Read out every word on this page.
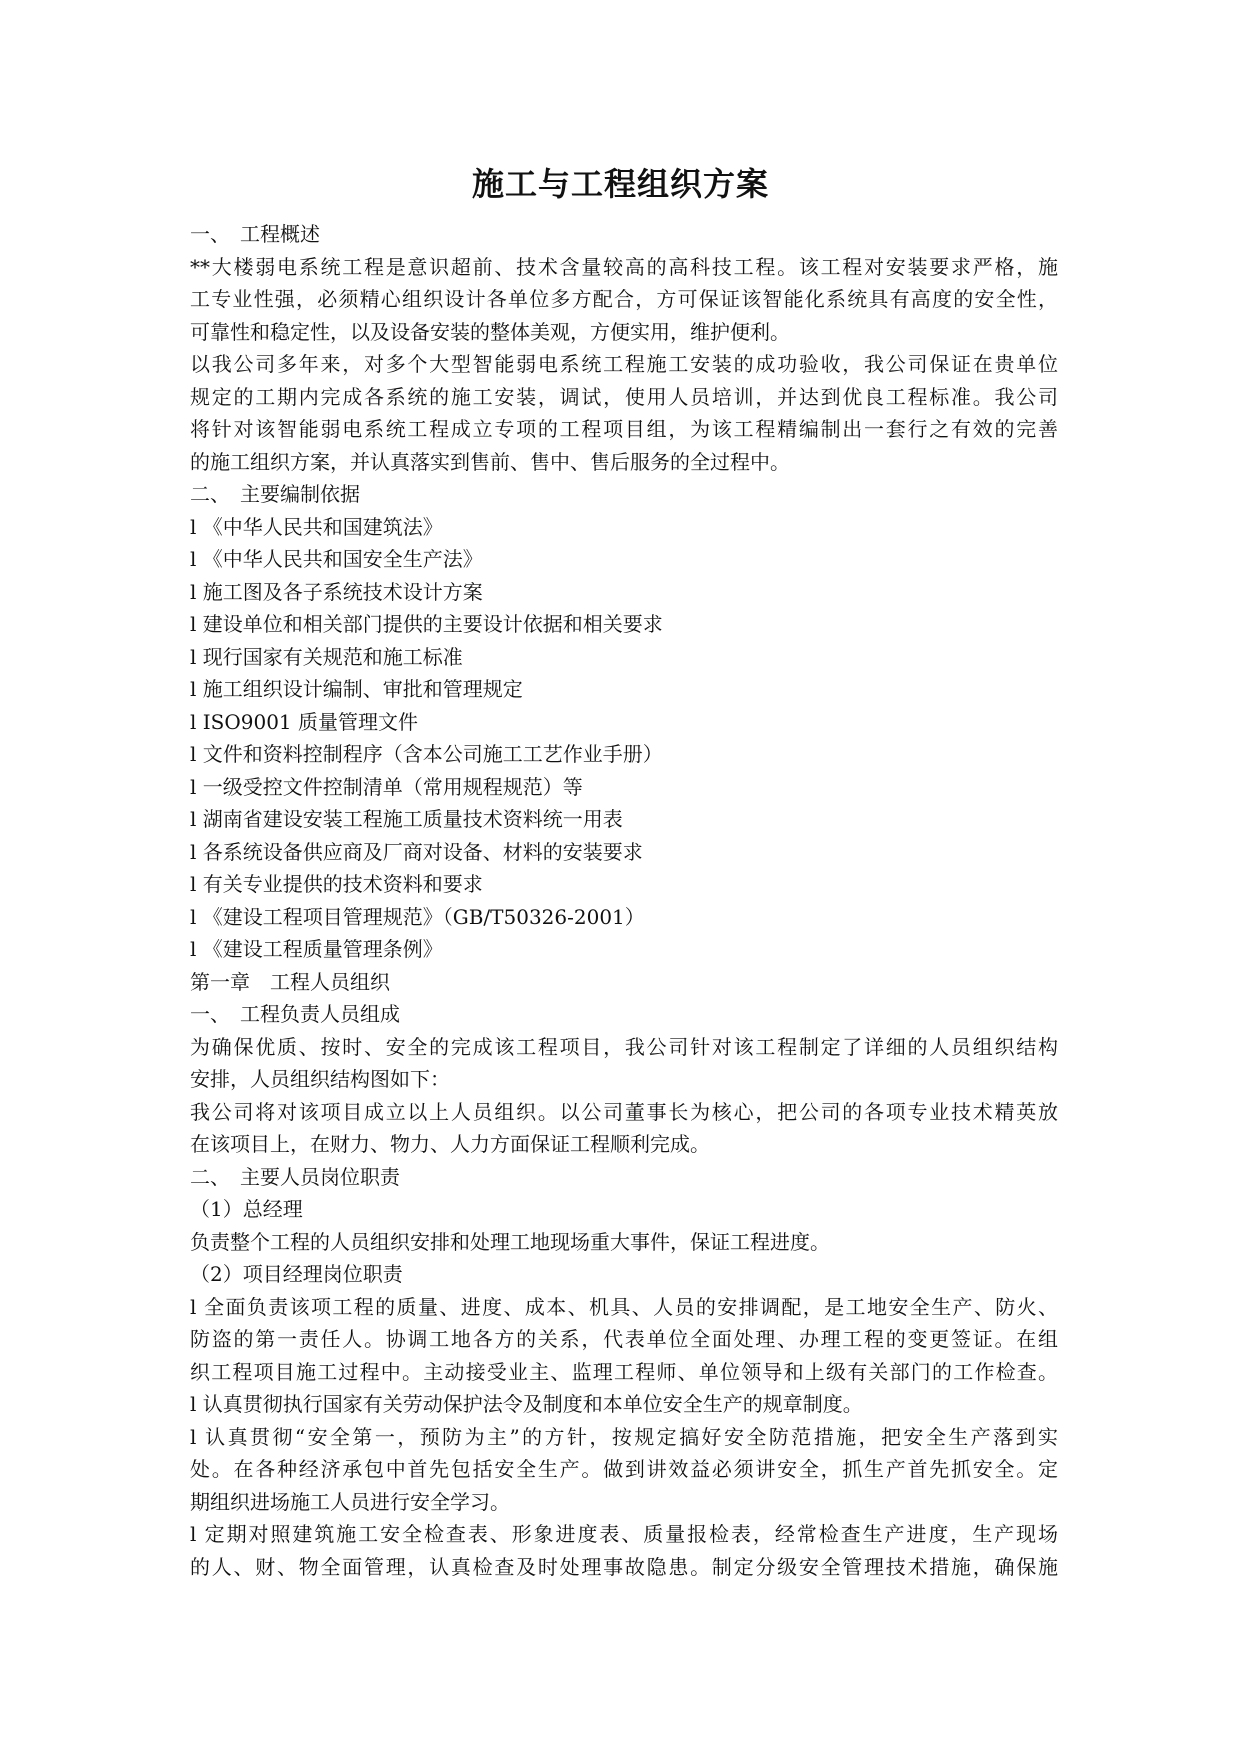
施工与工程组织方案
一、　工程概述
**大楼弱电系统工程是意识超前、技术含量较高的高科技工程。该工程对安装要求严格，施
工专业性强，必须精心组织设计各单位多方配合，方可保证该智能化系统具有高度的安全性，
可靠性和稳定性，以及设备安装的整体美观，方便实用，维护便利。
以我公司多年来，对多个大型智能弱电系统工程施工安装的成功验收，我公司保证在贵单位
规定的工期内完成各系统的施工安装，调试，使用人员培训，并达到优良工程标准。我公司
将针对该智能弱电系统工程成立专项的工程项目组，为该工程精编制出一套行之有效的完善
的施工组织方案，并认真落实到售前、售中、售后服务的全过程中。
二、　主要编制依据
l 《中华人民共和国建筑法》
l 《中华人民共和国安全生产法》
l 施工图及各子系统技术设计方案
l 建设单位和相关部门提供的主要设计依据和相关要求
l 现行国家有关规范和施工标准
l 施工组织设计编制、审批和管理规定
l ISO9001 质量管理文件
l 文件和资料控制程序（含本公司施工工艺作业手册）
l 一级受控文件控制清单（常用规程规范）等
l 湖南省建设安装工程施工质量技术资料统一用表
l 各系统设备供应商及厂商对设备、材料的安装要求
l 有关专业提供的技术资料和要求
l 《建设工程项目管理规范》（GB/T50326-2001）
l 《建设工程质量管理条例》
第一章　工程人员组织
一、　工程负责人员组成
为确保优质、按时、安全的完成该工程项目，我公司针对该工程制定了详细的人员组织结构
安排，人员组织结构图如下：
我公司将对该项目成立以上人员组织。以公司董事长为核心，把公司的各项专业技术精英放
在该项目上，在财力、物力、人力方面保证工程顺利完成。
二、　主要人员岗位职责
（1）总经理
负责整个工程的人员组织安排和处理工地现场重大事件，保证工程进度。
（2）项目经理岗位职责
l 全面负责该项工程的质量、进度、成本、机具、人员的安排调配，是工地安全生产、防火、
防盗的第一责任人。协调工地各方的关系，代表单位全面处理、办理工程的变更签证。在组
织工程项目施工过程中。主动接受业主、监理工程师、单位领导和上级有关部门的工作检查。
l 认真贯彻执行国家有关劳动保护法令及制度和本单位安全生产的规章制度。
l 认真贯彻“安全第一，预防为主”的方针，按规定搞好安全防范措施，把安全生产落到实
处。在各种经济承包中首先包括安全生产。做到讲效益必须讲安全，抓生产首先抓安全。定
期组织进场施工人员进行安全学习。
l 定期对照建筑施工安全检查表、形象进度表、质量报检表，经常检查生产进度，生产现场
的人、财、物全面管理，认真检查及时处理事故隐患。制定分级安全管理技术措施，确保施
